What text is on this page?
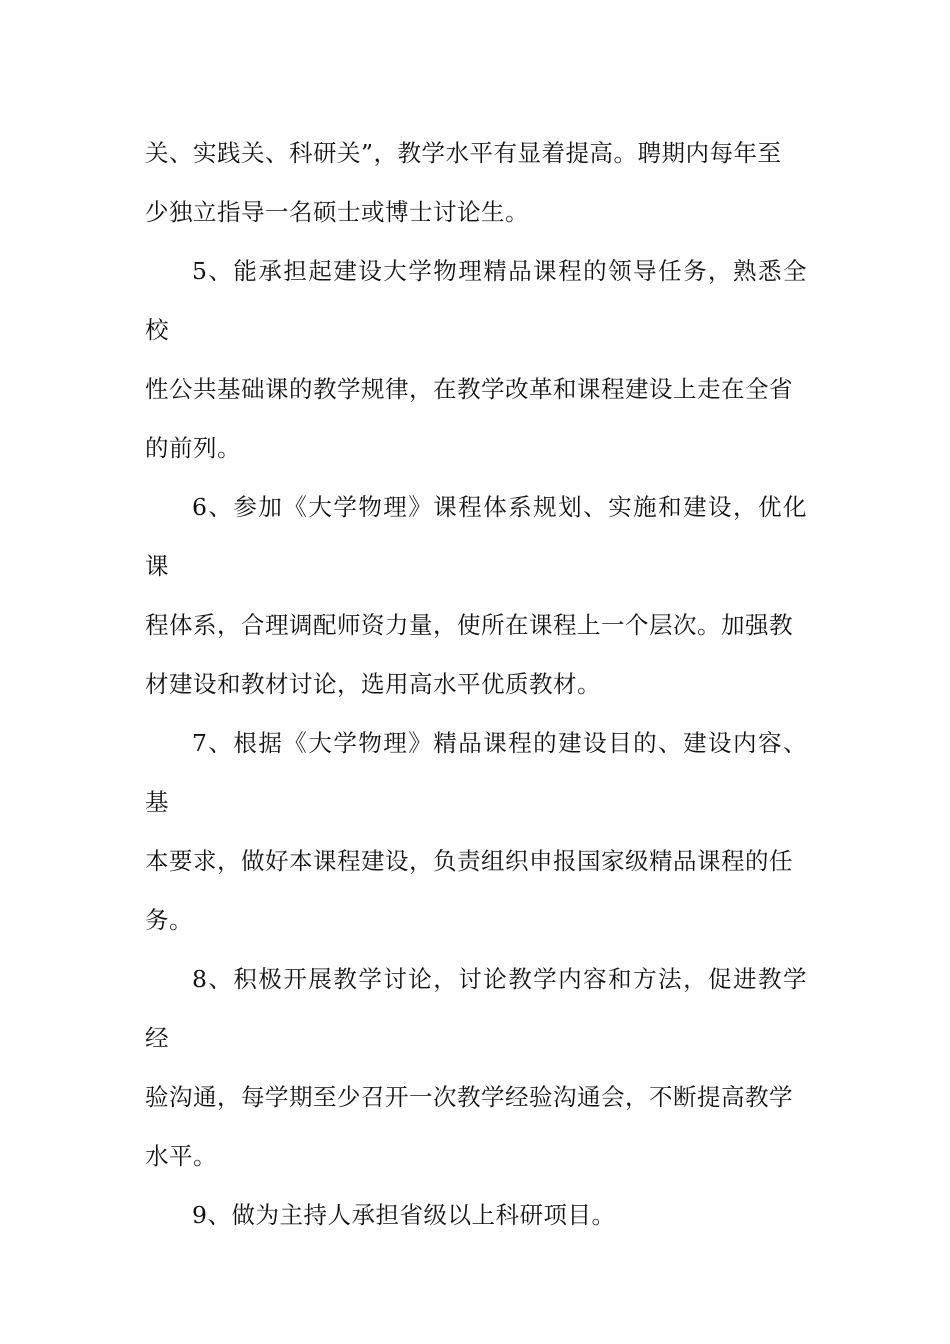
关、实践关、科研关”，教学水平有显着提高。聘期内每年至
少独立指导一名硕士或博士讨论生。

5、能承担起建设大学物理精品课程的领导任务，熟悉全校
性公共基础课的教学规律，在教学改革和课程建设上走在全省
的前列。

6、参加《大学物理》课程体系规划、实施和建设，优化课
程体系，合理调配师资力量，使所在课程上一个层次。加强教
材建设和教材讨论，选用高水平优质教材。

7、根据《大学物理》精品课程的建设目的、建设内容、基
本要求，做好本课程建设，负责组织申报国家级精品课程的任
务。

8、积极开展教学讨论，讨论教学内容和方法，促进教学经
验沟通，每学期至少召开一次教学经验沟通会，不断提高教学
水平。

9、做为主持人承担省级以上科研项目。
